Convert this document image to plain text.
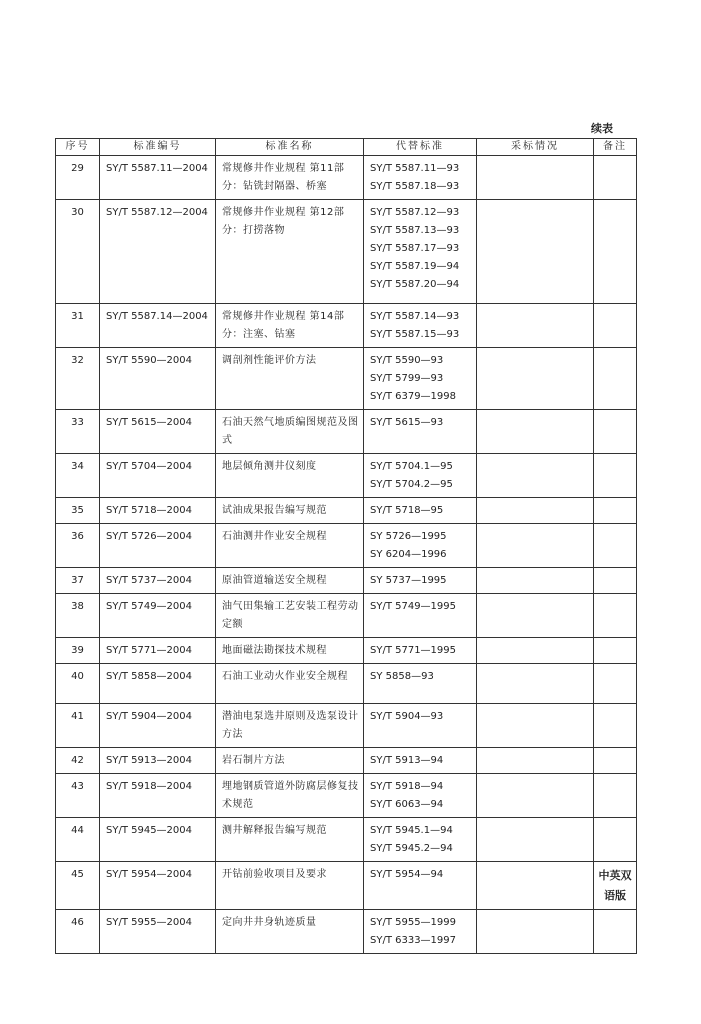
续表
序号	标准编号	标准名称	代替标准	采标情况	备注
29	SY/T 5587.11—2004	常规修井作业规程 第11部分：钻铣封隔器、桥塞	SY/T 5587.11—93
SY/T 5587.18—93		

30	SY/T 5587.12—2004	常规修井作业规程 第12部分：打捞落物	SY/T 5587.12—93
SY/T 5587.13—93
SY/T 5587.17—93
SY/T 5587.19—94
SY/T 5587.20—94		

31	SY/T 5587.14—2004	常规修井作业规程 第14部分：注塞、钻塞	SY/T 5587.14—93
SY/T 5587.15—93		

32	SY/T 5590—2004	调剖剂性能评价方法	SY/T 5590—93
SY/T 5799—93
SY/T 6379—1998		

33	SY/T 5615—2004	石油天然气地质编图规范及图式	SY/T 5615—93		

34	SY/T 5704—2004	地层倾角测井仪刻度	SY/T 5704.1—95
SY/T 5704.2—95		

35	SY/T 5718—2004	试油成果报告编写规范	SY/T 5718—95		

36	SY/T 5726—2004	石油测井作业安全规程	SY 5726—1995
SY 6204—1996		

37	SY/T 5737—2004	原油管道输送安全规程	SY 5737—1995		

38	SY/T 5749—2004	油气田集输工艺安装工程劳动定额	SY/T 5749—1995		

39	SY/T 5771—2004	地面磁法勘探技术规程	SY/T 5771—1995		

40	SY/T 5858—2004	石油工业动火作业安全规程	SY 5858—93		

41	SY/T 5904—2004	潜油电泵选井原则及选泵设计方法	SY/T 5904—93		

42	SY/T 5913—2004	岩石制片方法	SY/T 5913—94		

43	SY/T 5918—2004	埋地钢质管道外防腐层修复技术规范	SY/T 5918—94
SY/T 6063—94		

44	SY/T 5945—2004	测井解释报告编写规范	SY/T 5945.1—94
SY/T 5945.2—94		

45	SY/T 5954—2004	开钻前验收项目及要求	SY/T 5954—94		中英双语版
46	SY/T 5955—2004	定向井井身轨迹质量	SY/T 5955—1999
SY/T 6333—1997		
